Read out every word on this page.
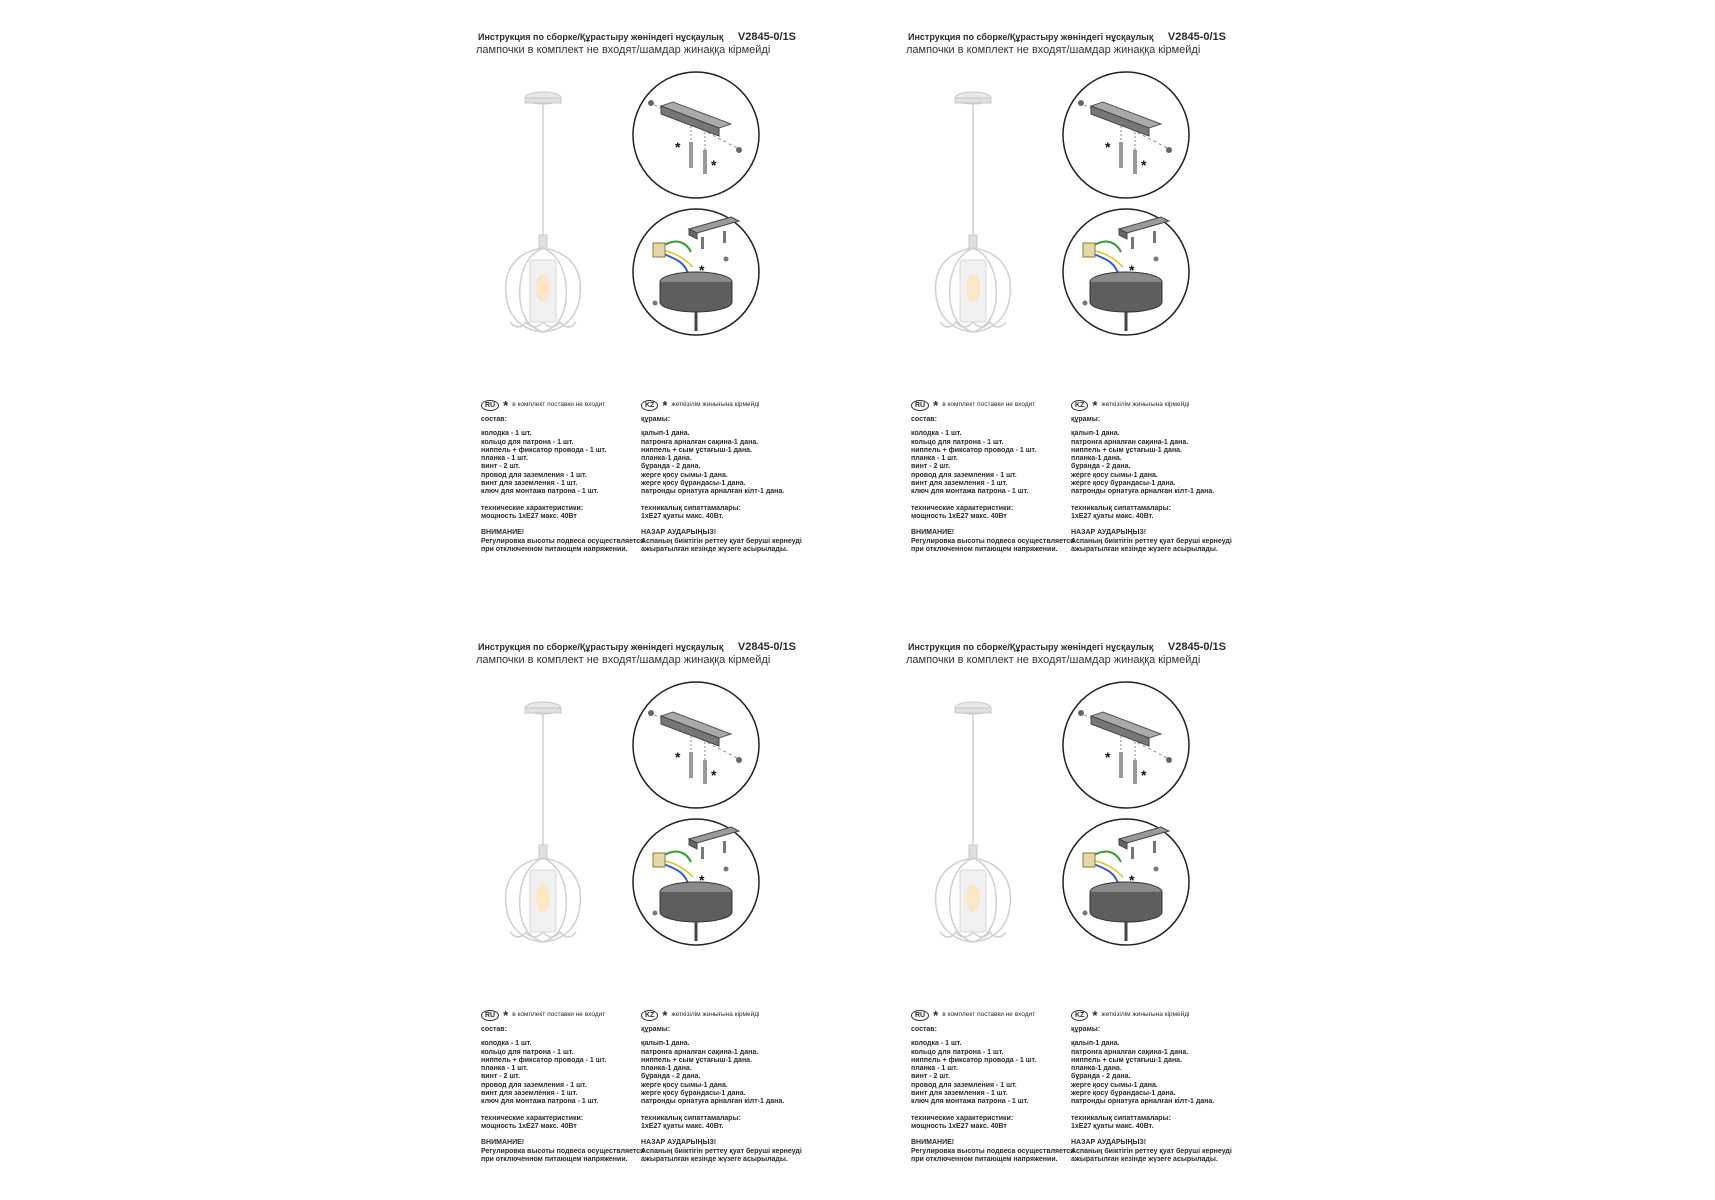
Инструкция по сборке/Құрастыру жөніндегі нұсқаулық V2845-0/1S
лампочки в комплект не входят/шамдар жинаққа кірмейді
*
*
*
RU * в комплект поставки не входит
состав:
колодка - 1 шт.
кольцо для патрона - 1 шт.
ниппель + фиксатор провода - 1 шт.
планка - 1 шт.
винт - 2 шт.
провод для заземления - 1 шт.
винт для заземления - 1 шт.
ключ для монтажа патрона - 1 шт.
технические характеристики:
мощность 1хЕ27 макс. 40Вт
ВНИМАНИЕ!
Регулировка высоты подвеса осуществляется
при отключенном питающем напряжении.
KZ * жеткізілім жинығына кірмейді
құрамы:
қалып-1 дана.
патронға арналған сақина-1 дана.
ниппель + сым ұстағыш-1 дана.
планка-1 дана.
бұранда - 2 дана.
жерге қосу сымы-1 дана.
жерге қосу бұрандасы-1 дана.
патронды орнатуға арналған кілт-1 дана.
техникалық сипаттамалары:
1хЕ27 қуаты макс. 40Вт.
НАЗАР АУДАРЫҢЫЗ!
Аспаның биіктігін реттеу қуат беруші кернеуді
ажыратылған кезінде жүзеге асырылады.
Инструкция по сборке/Құрастыру жөніндегі нұсқаулық V2845-0/1S
лампочки в комплект не входят/шамдар жинаққа кірмейді
*
*
*
RU * в комплект поставки не входит
состав:
колодка - 1 шт.
кольцо для патрона - 1 шт.
ниппель + фиксатор провода - 1 шт.
планка - 1 шт.
винт - 2 шт.
провод для заземления - 1 шт.
винт для заземления - 1 шт.
ключ для монтажа патрона - 1 шт.
технические характеристики:
мощность 1хЕ27 макс. 40Вт
ВНИМАНИЕ!
Регулировка высоты подвеса осуществляется
при отключенном питающем напряжении.
KZ * жеткізілім жинығына кірмейді
құрамы:
қалып-1 дана.
патронға арналған сақина-1 дана.
ниппель + сым ұстағыш-1 дана.
планка-1 дана.
бұранда - 2 дана.
жерге қосу сымы-1 дана.
жерге қосу бұрандасы-1 дана.
патронды орнатуға арналған кілт-1 дана.
техникалық сипаттамалары:
1хЕ27 қуаты макс. 40Вт.
НАЗАР АУДАРЫҢЫЗ!
Аспаның биіктігін реттеу қуат беруші кернеуді
ажыратылған кезінде жүзеге асырылады.
Инструкция по сборке/Құрастыру жөніндегі нұсқаулық V2845-0/1S
лампочки в комплект не входят/шамдар жинаққа кірмейді
*
*
*
RU * в комплект поставки не входит
состав:
колодка - 1 шт.
кольцо для патрона - 1 шт.
ниппель + фиксатор провода - 1 шт.
планка - 1 шт.
винт - 2 шт.
провод для заземления - 1 шт.
винт для заземления - 1 шт.
ключ для монтажа патрона - 1 шт.
технические характеристики:
мощность 1хЕ27 макс. 40Вт
ВНИМАНИЕ!
Регулировка высоты подвеса осуществляется
при отключенном питающем напряжении.
KZ * жеткізілім жинығына кірмейді
құрамы:
қалып-1 дана.
патронға арналған сақина-1 дана.
ниппель + сым ұстағыш-1 дана.
планка-1 дана.
бұранда - 2 дана.
жерге қосу сымы-1 дана.
жерге қосу бұрандасы-1 дана.
патронды орнатуға арналған кілт-1 дана.
техникалық сипаттамалары:
1хЕ27 қуаты макс. 40Вт.
НАЗАР АУДАРЫҢЫЗ!
Аспаның биіктігін реттеу қуат беруші кернеуді
ажыратылған кезінде жүзеге асырылады.
Инструкция по сборке/Құрастыру жөніндегі нұсқаулық V2845-0/1S
лампочки в комплект не входят/шамдар жинаққа кірмейді
*
*
*
RU * в комплект поставки не входит
состав:
колодка - 1 шт.
кольцо для патрона - 1 шт.
ниппель + фиксатор провода - 1 шт.
планка - 1 шт.
винт - 2 шт.
провод для заземления - 1 шт.
винт для заземления - 1 шт.
ключ для монтажа патрона - 1 шт.
технические характеристики:
мощность 1хЕ27 макс. 40Вт
ВНИМАНИЕ!
Регулировка высоты подвеса осуществляется
при отключенном питающем напряжении.
KZ * жеткізілім жинығына кірмейді
құрамы:
қалып-1 дана.
патронға арналған сақина-1 дана.
ниппель + сым ұстағыш-1 дана.
планка-1 дана.
бұранда - 2 дана.
жерге қосу сымы-1 дана.
жерге қосу бұрандасы-1 дана.
патронды орнатуға арналған кілт-1 дана.
техникалық сипаттамалары:
1хЕ27 қуаты макс. 40Вт.
НАЗАР АУДАРЫҢЫЗ!
Аспаның биіктігін реттеу қуат беруші кернеуді
ажыратылған кезінде жүзеге асырылады.
